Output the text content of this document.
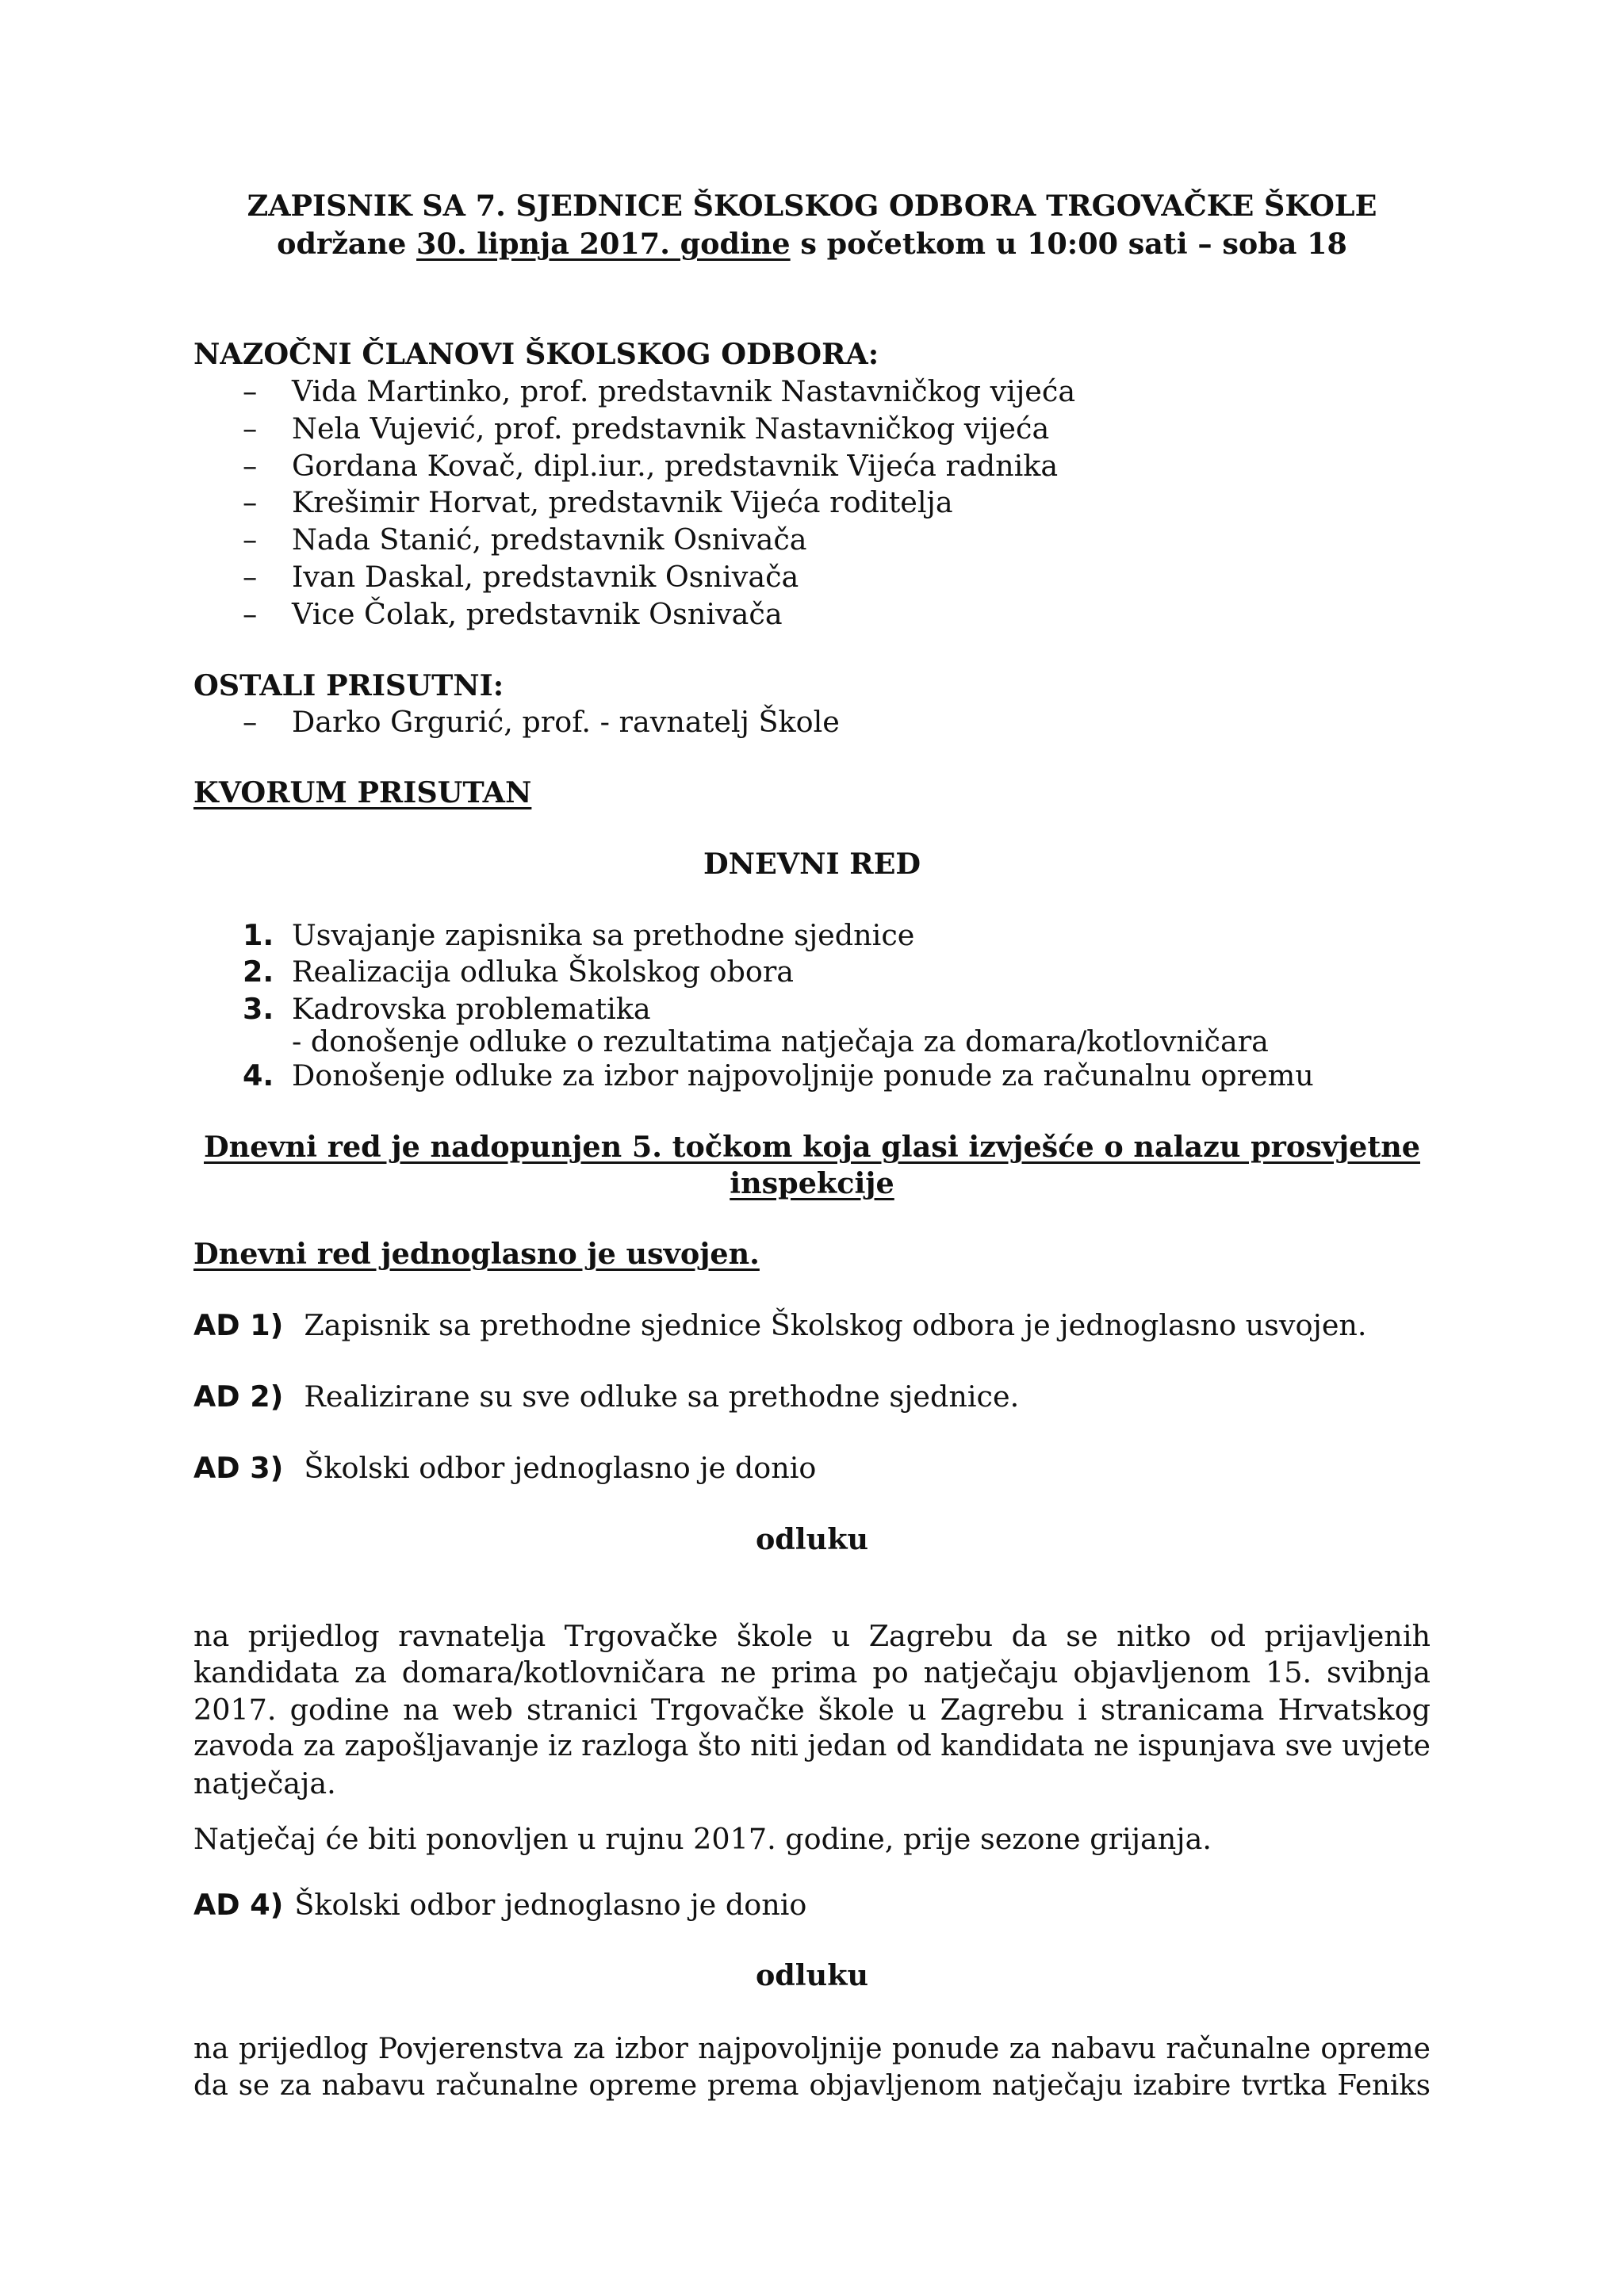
ZAPISNIK SA 7. SJEDNICE ŠKOLSKOG ODBORA TRGOVAČKE ŠKOLE
održane 30. lipnja 2017. godine s početkom u 10:00 sati – soba 18
NAZOČNI ČLANOVI ŠKOLSKOG ODBORA:
– Vida Martinko, prof. predstavnik Nastavničkog vijeća
– Nela Vujević, prof. predstavnik Nastavničkog vijeća
– Gordana Kovač, dipl.iur., predstavnik Vijeća radnika
– Krešimir Horvat, predstavnik Vijeća roditelja
– Nada Stanić, predstavnik Osnivača
– Ivan Daskal, predstavnik Osnivača
– Vice Čolak, predstavnik Osnivača
OSTALI PRISUTNI:
– Darko Grgurić, prof. - ravnatelj Škole
KVORUM PRISUTAN
DNEVNI RED
1. Usvajanje zapisnika sa prethodne sjednice
2. Realizacija odluka Školskog obora
3. Kadrovska problematika
- donošenje odluke o rezultatima natječaja za domara/kotlovničara
4. Donošenje odluke za izbor najpovoljnije ponude za računalnu opremu
Dnevni red je nadopunjen 5. točkom koja glasi izvješće o nalazu prosvjetne
inspekcije
Dnevni red jednoglasno je usvojen.
AD 1) Zapisnik sa prethodne sjednice Školskog odbora je jednoglasno usvojen.
AD 2) Realizirane su sve odluke sa prethodne sjednice.
AD 3) Školski odbor jednoglasno je donio
odluku
na prijedlog ravnatelja Trgovačke škole u Zagrebu da se nitko od prijavljenih
kandidata za domara/kotlovničara ne prima po natječaju objavljenom 15. svibnja
2017. godine na web stranici Trgovačke škole u Zagrebu i stranicama Hrvatskog
zavoda za zapošljavanje iz razloga što niti jedan od kandidata ne ispunjava sve uvjete
natječaja.
Natječaj će biti ponovljen u rujnu 2017. godine, prije sezone grijanja.
AD 4) Školski odbor jednoglasno je donio
odluku
na prijedlog Povjerenstva za izbor najpovoljnije ponude za nabavu računalne opreme
da se za nabavu računalne opreme prema objavljenom natječaju izabire tvrtka Feniks
